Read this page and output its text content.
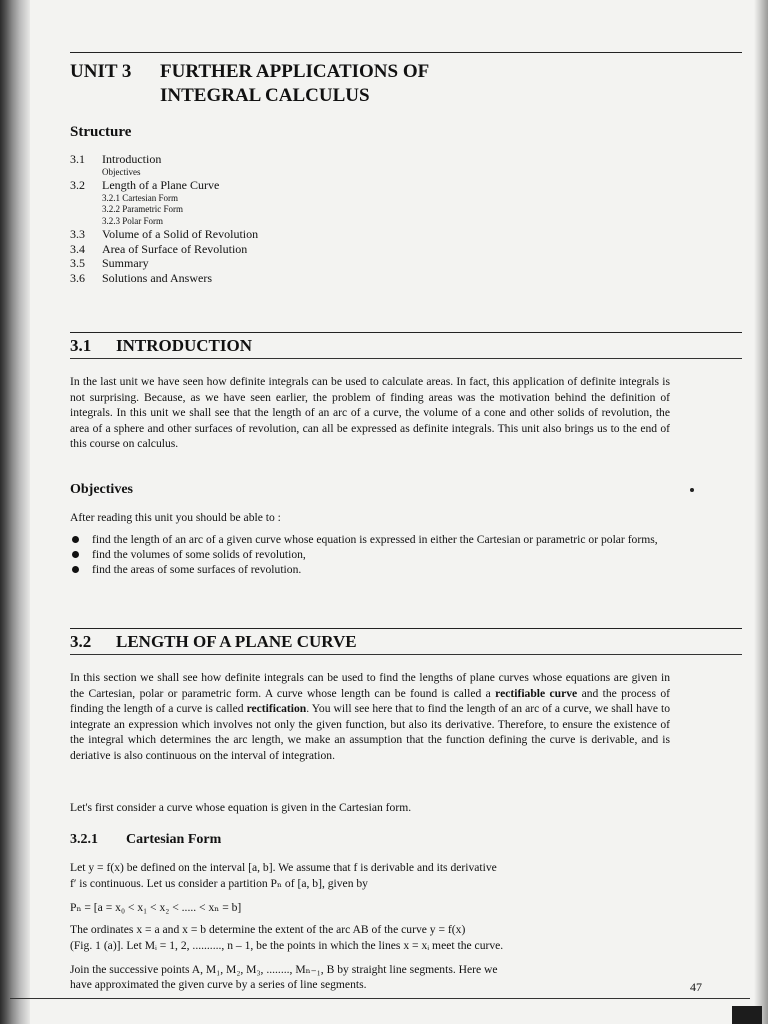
UNIT 3	FURTHER APPLICATIONS OF
INTEGRAL CALCULUS
Structure
3.1	Introduction
Objectives
3.2	Length of a Plane Curve
3.2.1 Cartesian Form
3.2.2 Parametric Form
3.2.3 Polar Form
3.3	Volume of a Solid of Revolution
3.4	Area of Surface of Revolution
3.5	Summary
3.6	Solutions and Answers
3.1 INTRODUCTION

In the last unit we have seen how definite integrals can be used to calculate areas. In fact, this application of definite integrals is not surprising. Because, as we have seen earlier, the problem of finding areas was the motivation behind the definition of integrals. In this unit we shall see that the length of an arc of a curve, the volume of a cone and other solids of revolution, the area of a sphere and other surfaces of revolution, can all be expressed as definite integrals. This unit also brings us to the end of this course on calculus.

Objectives
After reading this unit you should be able to :
find the length of an arc of a given curve whose equation is expressed in either the Cartesian or parametric or polar forms,
find the volumes of some solids of revolution,
find the areas of some surfaces of revolution.
3.2 LENGTH OF A PLANE CURVE

In this section we shall see how definite integrals can be used to find the lengths of plane curves whose equations are given in the Cartesian, polar or parametric form. A curve whose length can be found is called a rectifiable curve and the process of finding the length of a curve is called rectification. You will see here that to find the length of an arc of a curve, we shall have to integrate an expression which involves not only the given function, but also its derivative. Therefore, to ensure the existence of the integral which determines the arc length, we make an assumption that the function defining the curve is derivable, and is deriative is also continuous on the interval of integration.

Let's first consider a curve whose equation is given in the Cartesian form.
3.2.1 Cartesian Form
Let y = f(x) be defined on the interval [a, b]. We assume that f is derivable and its derivative
f′ is continuous. Let us consider a partition Pₙ of [a, b], given by
Pₙ = [a = x₀ < x₁ < x₂ < ..... < xₙ = b]
The ordinates x = a and x = b determine the extent of the arc AB of the curve y = f(x)
(Fig. 1 (a)]. Let Mᵢ = 1, 2, .........., n – 1, be the points in which the lines x = xᵢ meet the curve.
Join the successive points A, M₁, M₂, M₃, ........, Mₙ₋₁, B by straight line segments. Here we
have approximated the given curve by a series of line segments.	47
